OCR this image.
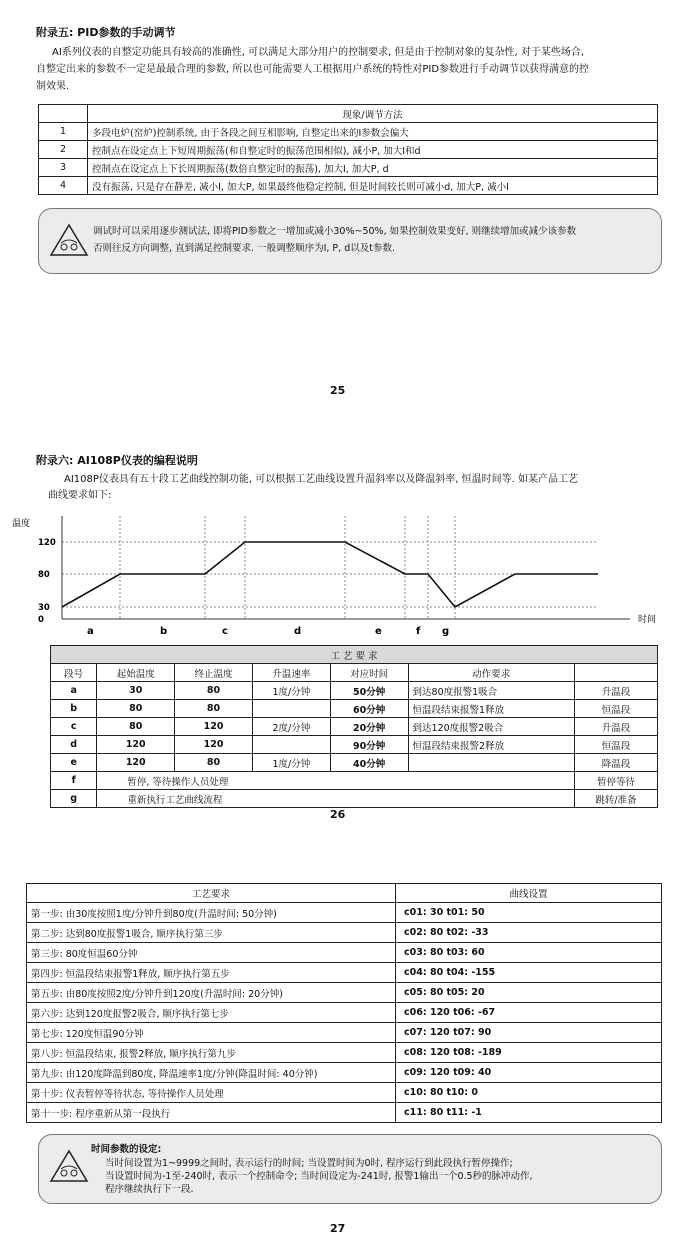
附录五: PID参数的手动调节
AI系列仪表的自整定功能具有较高的准确性, 可以满足大部分用户的控制要求, 但是由于控制对象的复杂性, 对于某些场合,
自整定出来的参数不一定是最最合理的参数, 所以也可能需要人工根据用户系统的特性对PID参数进行手动调节以获得满意的控
制效果.
	现象/调节方法
1	多段电炉(窑炉)控制系统, 由于各段之间互相影响, 自整定出来的I参数会偏大
2	控制点在设定点上下短周期振荡(和自整定时的振荡范围相似), 减小P, 加大I和d
3	控制点在设定点上下长周期振荡(数倍自整定时的振荡), 加大I, 加大P, d
4	没有振荡, 只是存在静差, 减小I, 加大P, 如果最终他稳定控制, 但是时间较长则可减小d, 加大P, 减小I
调试时可以采用逐步测试法, 即将PID参数之一增加或减小30%~50%, 如果控制效果变好, 则继续增加或减少该参数
否则往反方向调整, 直到满足控制要求. 一般调整顺序为I, P, d以及t参数.
25
附录六: AI108P仪表的编程说明
AI108P仪表具有五十段工艺曲线控制功能, 可以根据工艺曲线设置升温斜率以及降温斜率, 恒温时间等. 如某产品工艺
曲线要求如下:
温度
时间
0
30
80
120
a	b	c	d	e	f g
工 艺 要 求						
段号	起始温度	终止温度	升温速率	对应时间	动作要求	
a	30	80	1度/分钟	50分钟	到达80度报警1吸合	升温段
b	80	80		60分钟	恒温段结束报警1释放	恒温段
c	80	120	2度/分钟	20分钟	到达120度报警2吸合	升温段
d	120	120		90分钟	恒温段结束报警2释放	恒温段
e	120	80	1度/分钟	40分钟		降温段
f	暂停, 等待操作人员处理					暂停等待
g	重新执行工艺曲线流程					跳转/准备
26
工艺要求	曲线设置
第一步: 由30度按照1度/分钟升到80度(升温时间: 50分钟)	c01: 30 t01: 50
第二步: 达到80度报警1吸合, 顺序执行第三步	c02: 80 t02: -33
第三步: 80度恒温60分钟	c03: 80 t03: 60
第四步: 恒温段结束报警1释放, 顺序执行第五步	c04: 80 t04: -155
第五步: 由80度按照2度/分钟升到120度(升温时间: 20分钟)	c05: 80 t05: 20
第六步: 达到120度报警2吸合, 顺序执行第七步	c06: 120 t06: -67
第七步: 120度恒温90分钟	c07: 120 t07: 90
第八步: 恒温段结束, 报警2释放, 顺序执行第九步	c08: 120 t08: -189
第九步: 由120度降温到80度, 降温速率1度/分钟(降温时间: 40分钟)	c09: 120 t09: 40
第十步: 仪表暂停等待状态, 等待操作人员处理	c10: 80 t10: 0
第十一步: 程序重新从第一段执行	c11: 80 t11: -1
时间参数的设定:
当时间设置为1~9999之间时, 表示运行的时间; 当设置时间为0时, 程序运行到此段执行暂停操作;
当设置时间为-1至-240时, 表示一个控制命令; 当时间设定为-241时, 报警1输出一个0.5秒的脉冲动作,
程序继续执行下一段.
27
